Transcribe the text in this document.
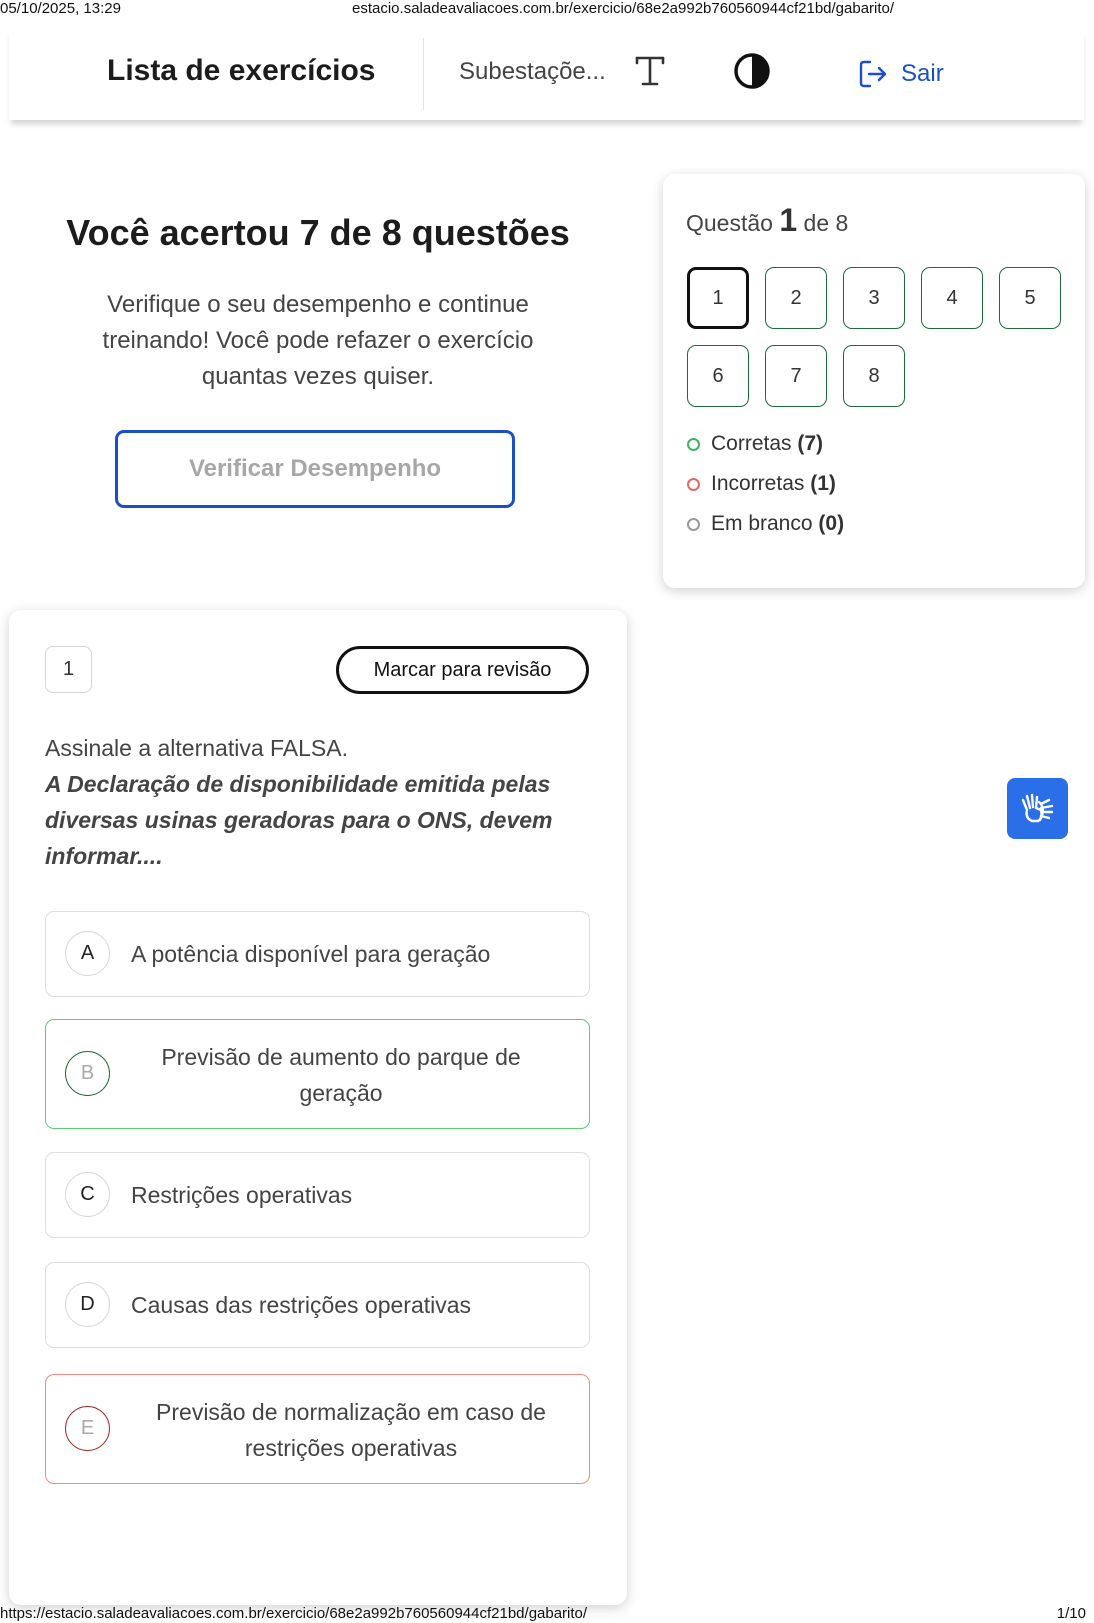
05/10/2025, 13:29	estacio.saladeavaliacoes.com.br/exercicio/68e2a992b760560944cf21bd/gabarito/
Lista de exercícios	Subestaçõe...	Sair
Você acertou 7 de 8 questões
Verifique o seu desempenho e continue treinando! Você pode refazer o exercício quantas vezes quiser.
Verificar Desempenho
Questão 1 de 8
1	2	3	4	5
6	7	8
Corretas (7)
Incorretas (1)
Em branco (0)
1	Marcar para revisão
Assinale a alternativa FALSA.
A Declaração de disponibilidade emitida pelas diversas usinas geradoras para o ONS, devem informar....
A	A potência disponível para geração
B
Previsão de aumento do parque de geração
C	Restrições operativas
D	Causas das restrições operativas
E
Previsão de normalização em caso de restrições operativas
https://estacio.saladeavaliacoes.com.br/exercicio/68e2a992b760560944cf21bd/gabarito/	1/10
